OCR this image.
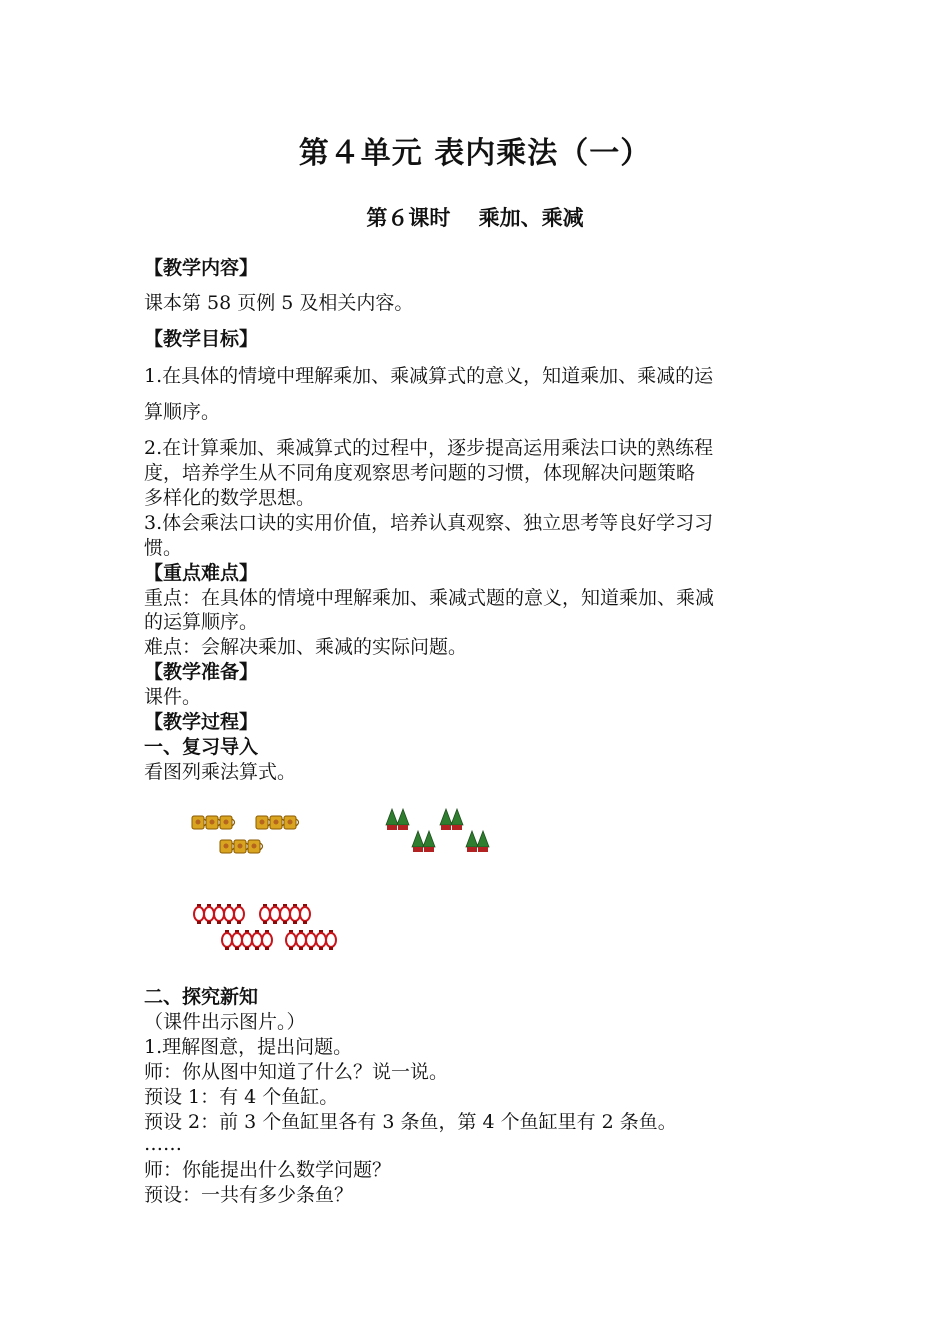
第４单元 表内乘法（一）
第６课时　 乘加、乘减
【教学内容】
课本第 58 页例 5 及相关内容。
【教学目标】
1.在具体的情境中理解乘加、乘减算式的意义，知道乘加、乘减的运
算顺序。
2.在计算乘加、乘减算式的过程中，逐步提高运用乘法口诀的熟练程
度，培养学生从不同角度观察思考问题的习惯，体现解决问题策略
多样化的数学思想。
3.体会乘法口诀的实用价值，培养认真观察、独立思考等良好学习习
惯。
【重点难点】
重点：在具体的情境中理解乘加、乘减式题的意义，知道乘加、乘减
的运算顺序。
难点：会解决乘加、乘减的实际问题。
【教学准备】
课件。
【教学过程】
一、复习导入
看图列乘法算式。
二、探究新知
（课件出示图片。）
1.理解图意，提出问题。
师：你从图中知道了什么？说一说。
预设 1：有 4 个鱼缸。
预设 2：前 3 个鱼缸里各有 3 条鱼，第 4 个鱼缸里有 2 条鱼。
……
师：你能提出什么数学问题？
预设：一共有多少条鱼？
